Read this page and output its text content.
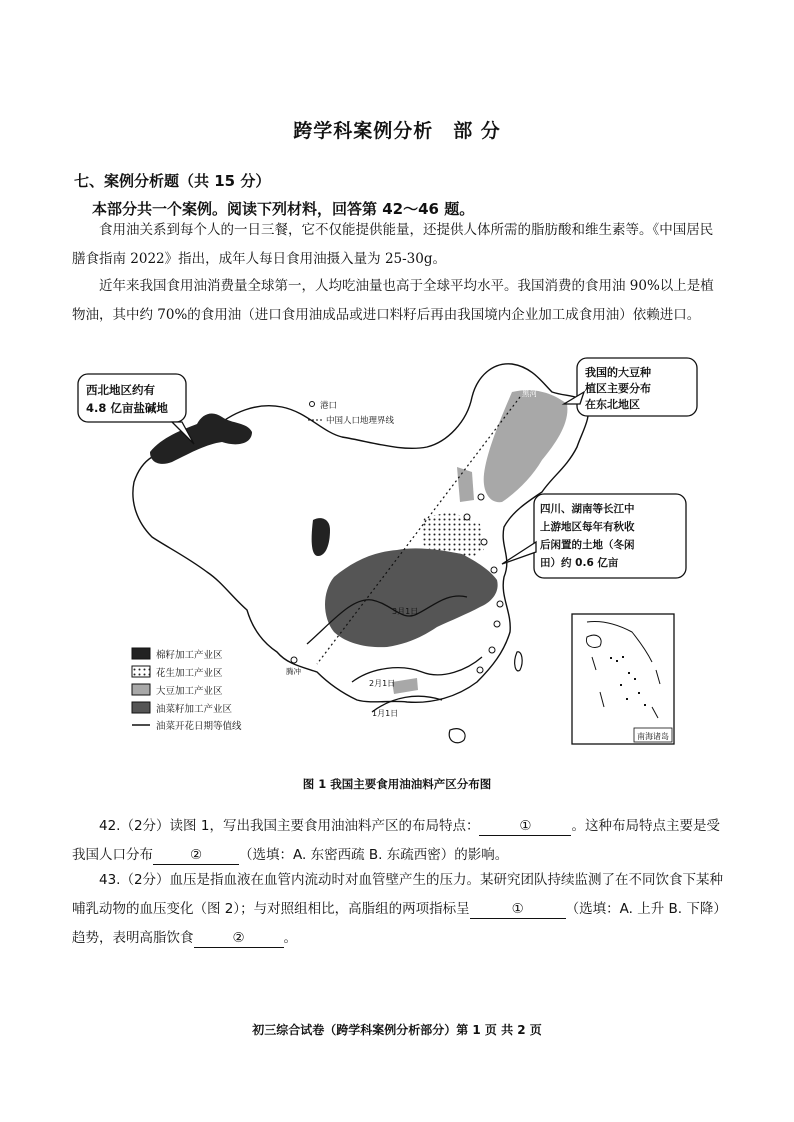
跨学科案例分析　部 分
七、案例分析题（共 15 分）
本部分共一个案例。阅读下列材料，回答第 42～46 题。

食用油关系到每个人的一日三餐，它不仅能提供能量，还提供人体所需的脂肪酸和维生素等。《中国居民膳食指南 2022》指出，成年人每日食用油摄入量为 25-30g。

近年来我国食用油消费量全球第一，人均吃油量也高于全球平均水平。我国消费的食用油 90%以上是植物油，其中约 70%的食用油（进口食用油成品或进口料籽后再由我国境内企业加工成食用油）依赖进口。

港口
中国人口地理界线
西北地区约有
4.8 亿亩盐碱地
我国的大豆种
植区主要分布
在东北地区
四川、湖南等长江中
上游地区每年有秋收
后闲置的土地（冬闲
田）约 0.6 亿亩
黑河
腾冲
3月1日
2月1日
1月1日
南海诸岛
棉籽加工产业区
花生加工产业区
大豆加工产业区
油菜籽加工产业区
油菜开花日期等值线
图 1 我国主要食用油油料产区分布图

42.（2分）读图 1，写出我国主要食用油油料产区的布局特点：	①	。这种布局特点主要是受我国人口分布	②	（选填：A. 东密西疏 B. 东疏西密）的影响。

43.（2分）血压是指血液在血管内流动时对血管壁产生的压力。某研究团队持续监测了在不同饮食下某种哺乳动物的血压变化（图 2）；与对照组相比，高脂组的两项指标呈	①	（选填：A. 上升 B. 下降）趋势，表明高脂饮食	②	。

初三综合试卷（跨学科案例分析部分）第 1 页 共 2 页
